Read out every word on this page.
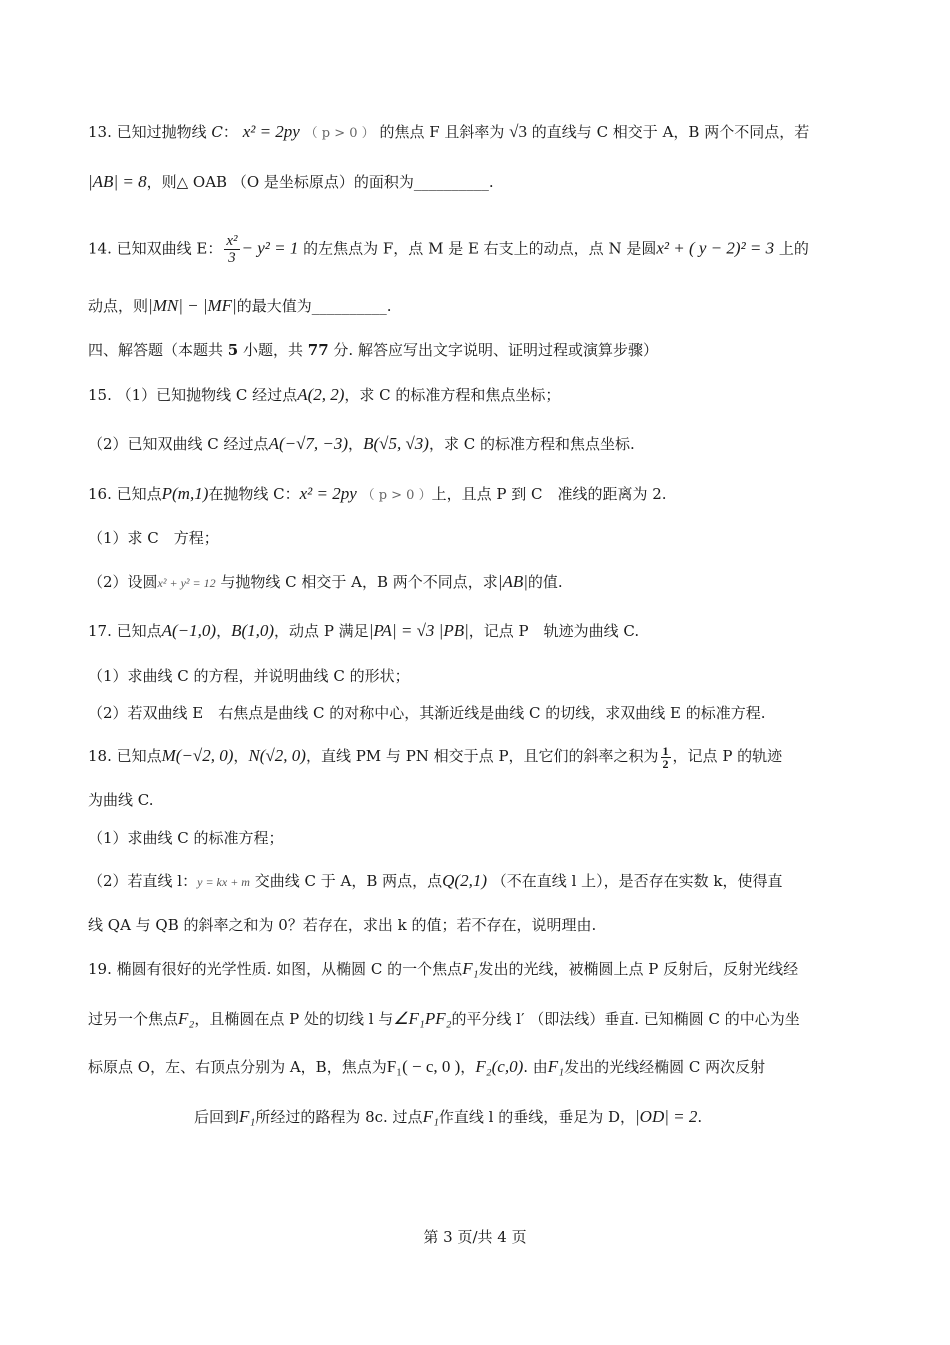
13. 已知过抛物线 C： x² = 2py （ p > 0 ） 的焦点 F 且斜率为 √3 的直线与 C 相交于 A，B 两个不同点，若
|AB| = 8，则△ OAB （O 是坐标原点）的面积为__________.
14. 已知双曲线 E： $\frac{\text{x²}}{3} - y^2 = 1$ 的左焦点为 F，点 M 是 E 右支上的动点，点 N 是圆x² + ( y − 2)² = 3 上的
动点，则|MN| − |MF|的最大值为__________.
四、解答题（本题共 5 小题，共 77 分. 解答应写出文字说明、证明过程或演算步骤）
15. （1）已知抛物线 C 经过点A(2, 2)，求 C 的标准方程和焦点坐标；
（2）已知双曲线 C 经过点A(−√7, −3)，B(√5, √3)，求 C 的标准方程和焦点坐标.
16. 已知点P(m,1)在抛物线 C：x² = 2py （ p > 0 ）上，且点 P 到 C　准线的距离为 2.
（1）求 C　方程；
（2）设圆x² + y² = 12 与抛物线 C 相交于 A，B 两个不同点，求|AB|的值.
17. 已知点A(−1,0)，B(1,0)，动点 P 满足|PA| = √3 |PB|，记点 P　轨迹为曲线 C.
（1）求曲线 C 的方程，并说明曲线 C 的形状；
（2）若双曲线 E　右焦点是曲线 C 的对称中心，其渐近线是曲线 C 的切线，求双曲线 E 的标准方程.
18. 已知点M(−√2, 0)，N(√2, 0)，直线 PM 与 PN 相交于点 P，且它们的斜率之积为 $\frac{1}{2}$ ，记点 P 的轨迹
为曲线 C.
（1）求曲线 C 的标准方程；
（2）若直线 l：y = kx + m 交曲线 C 于 A，B 两点，点Q(2,1) （不在直线 l 上），是否存在实数 k，使得直
线 QA 与 QB 的斜率之和为 0？若存在，求出 k 的值；若不存在，说明理由.
19. 椭圆有很好的光学性质. 如图，从椭圆 C 的一个焦点F₁发出的光线，被椭圆上点 P 反射后，反射光线经
过另一个焦点F₂，且椭圆在点 P 处的切线 l 与∠F₁PF₂的平分线 l′ （即法线）垂直. 已知椭圆 C 的中心为坐
标原点 O，左、右顶点分别为 A，B，焦点为F₁( − c, 0 )，F₂(c,0). 由F₁发出的光线经椭圆 C 两次反射
后回到F₁所经过的路程为 8c. 过点F₁作直线 l 的垂线，垂足为 D，|OD| = 2.
第 3 页/共 4 页
